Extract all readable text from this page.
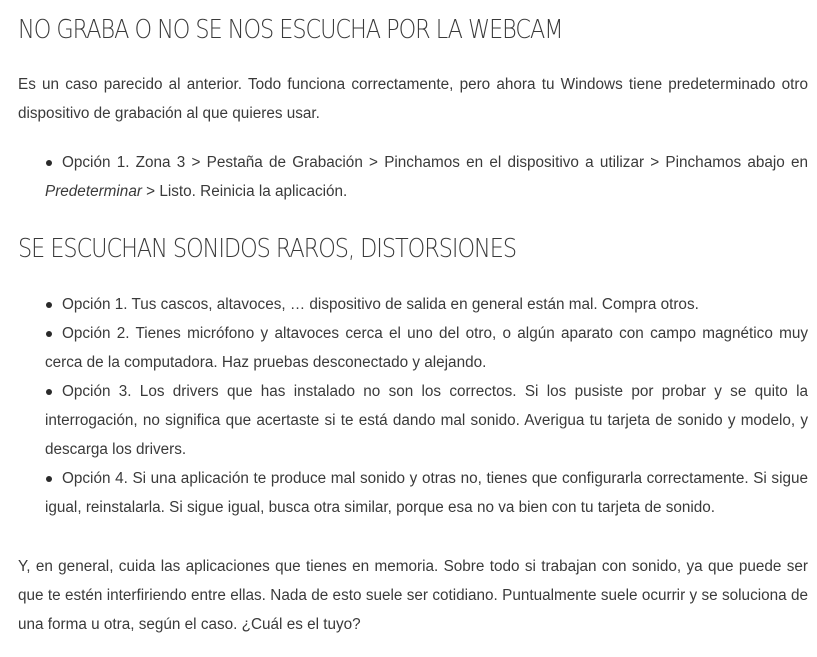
NO GRABA O NO SE NOS ESCUCHA POR LA WEBCAM

Es un caso parecido al anterior. Todo funciona correctamente, pero ahora tu Windows tiene predeterminado otro dispositivo de grabación al que quieres usar.

Opción 1. Zona 3 > Pestaña de Grabación > Pinchamos en el dispositivo a utilizar > Pinchamos abajo en Predeterminar > Listo. Reinicia la aplicación.
SE ESCUCHAN SONIDOS RAROS, DISTORSIONES
Opción 1. Tus cascos, altavoces, … dispositivo de salida en general están mal. Compra otros.
Opción 2. Tienes micrófono y altavoces cerca el uno del otro, o algún aparato con campo magnético muy cerca de la computadora. Haz pruebas desconectado y alejando.
Opción 3. Los drivers que has instalado no son los correctos. Si los pusiste por probar y se quito la interrogación, no significa que acertaste si te está dando mal sonido. Averigua tu tarjeta de sonido y modelo, y descarga los drivers.
Opción 4. Si una aplicación te produce mal sonido y otras no, tienes que configurarla correctamente. Si sigue igual, reinstalarla. Si sigue igual, busca otra similar, porque esa no va bien con tu tarjeta de sonido.

Y, en general, cuida las aplicaciones que tienes en memoria. Sobre todo si trabajan con sonido, ya que puede ser que te estén interfiriendo entre ellas. Nada de esto suele ser cotidiano. Puntualmente suele ocurrir y se soluciona de una forma u otra, según el caso. ¿Cuál es el tuyo?
